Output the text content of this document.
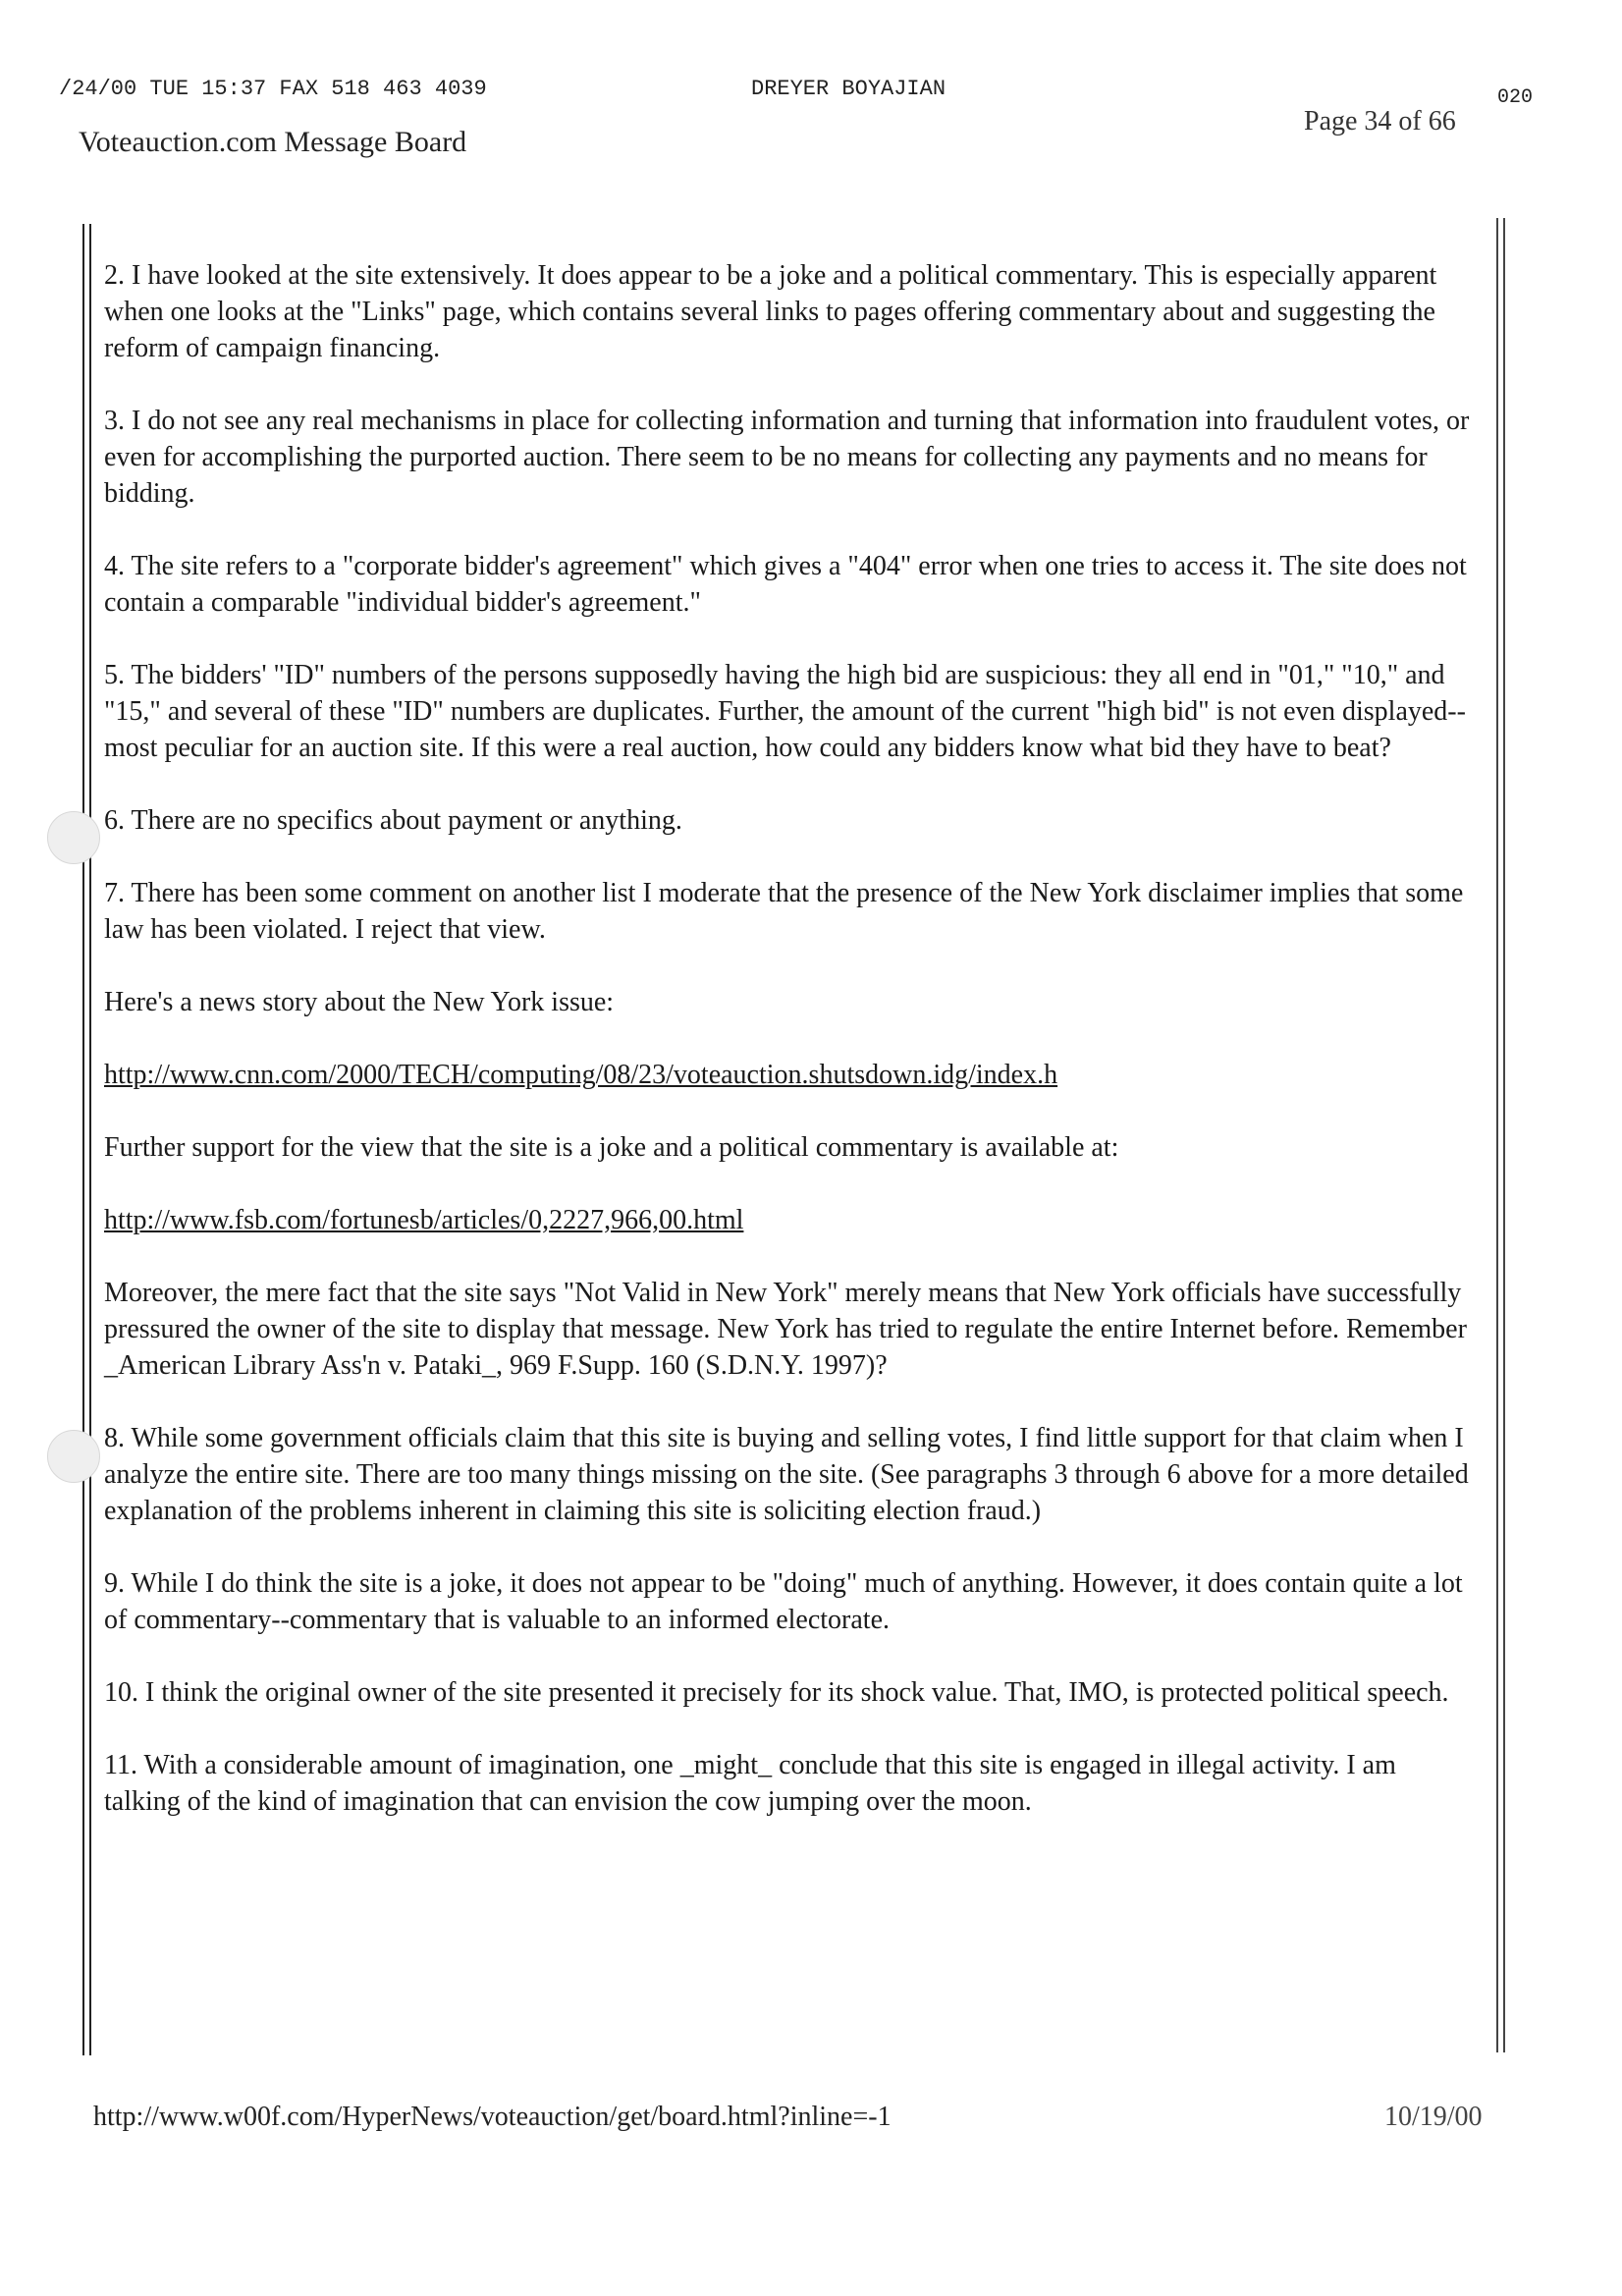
/24/00 TUE 15:37 FAX 518 463 4039	DREYER BOYAJIAN	020
Voteauction.com Message Board
Page 34 of 66

2. I have looked at the site extensively. It does appear to be a joke and a political commentary. This is especially apparent when one looks at the "Links" page, which contains several links to pages offering commentary about and suggesting the reform of campaign financing.

3. I do not see any real mechanisms in place for collecting information and turning that information into fraudulent votes, or even for accomplishing the purported auction. There seem to be no means for collecting any payments and no means for bidding.

4. The site refers to a "corporate bidder's agreement" which gives a "404" error when one tries to access it. The site does not contain a comparable "individual bidder's agreement."

5. The bidders' "ID" numbers of the persons supposedly having the high bid are suspicious: they all end in "01," "10," and "15," and several of these "ID" numbers are duplicates. Further, the amount of the current "high bid" is not even displayed--most peculiar for an auction site. If this were a real auction, how could any bidders know what bid they have to beat?

6. There are no specifics about payment or anything.

7. There has been some comment on another list I moderate that the presence of the New York disclaimer implies that some law has been violated. I reject that view.

Here's a news story about the New York issue:

http://www.cnn.com/2000/TECH/computing/08/23/voteauction.shutsdown.idg/index.h

Further support for the view that the site is a joke and a political commentary is available at:

http://www.fsb.com/fortunesb/articles/0,2227,966,00.html

Moreover, the mere fact that the site says "Not Valid in New York" merely means that New York officials have successfully pressured the owner of the site to display that message. New York has tried to regulate the entire Internet before. Remember _American Library Ass'n v. Pataki_, 969 F.Supp. 160 (S.D.N.Y. 1997)?

8. While some government officials claim that this site is buying and selling votes, I find little support for that claim when I analyze the entire site. There are too many things missing on the site. (See paragraphs 3 through 6 above for a more detailed explanation of the problems inherent in claiming this site is soliciting election fraud.)

9. While I do think the site is a joke, it does not appear to be "doing" much of anything. However, it does contain quite a lot of commentary--commentary that is valuable to an informed electorate.

10. I think the original owner of the site presented it precisely for its shock value. That, IMO, is protected political speech.

11. With a considerable amount of imagination, one _might_ conclude that this site is engaged in illegal activity. I am talking of the kind of imagination that can envision the cow jumping over the moon.

http://www.w00f.com/HyperNews/voteauction/get/board.html?inline=-1	10/19/00
